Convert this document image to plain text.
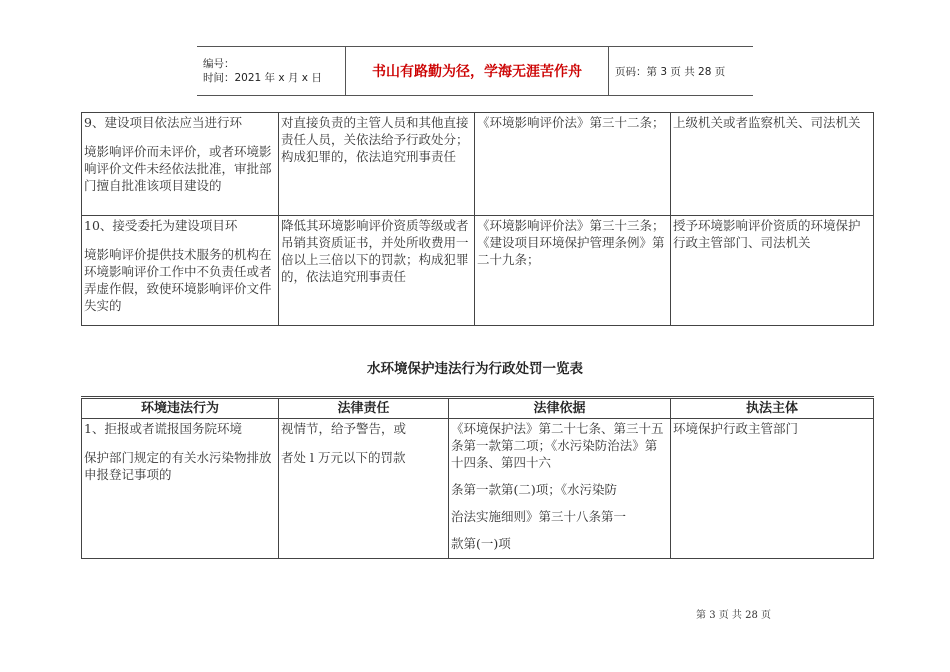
编号：
时间：2021 年 x 月 x 日	书山有路勤为径，学海无涯苦作舟	页码：第 3 页 共 28 页
9、建设项目依法应当进行环
境影响评价而未评价，或者环境影响评价文件未经依法批准，审批部门擅自批准该项目建设的	对直接负责的主管人员和其他直接责任人员，关依法给予行政处分；构成犯罪的，依法追究刑事责任	《环境影响评价法》第三十二条；	上级机关或者监察机关、司法机关
10、接受委托为建设项目环
境影响评价提供技术服务的机构在环境影响评价工作中不负责任或者弄虚作假，致使环境影响评价文件失实的	降低其环境影响评价资质等级或者吊销其资质证书，并处所收费用一倍以上三倍以下的罚款；构成犯罪的，依法追究刑事责任	《环境影响评价法》第三十三条；《建设项目环境保护管理条例》第二十九条；	授予环境影响评价资质的环境保护行政主管部门、司法机关
水环境保护违法行为行政处罚一览表
环境违法行为	法律责任	法律依据	执法主体
1、拒报或者谎报国务院环境
保护部门规定的有关水污染物排放申报登记事项的	视情节，给予警告，或
者处 l 万元以下的罚款	《环境保护法》第二十七条、第三十五条第一款第二项；《水污染防治法》第十四条、第四十六
条第一款第(二)项；《水污染防
治法实施细则》第三十八条第一
款第(一)项	环境保护行政主管部门
第 3 页 共 28 页
